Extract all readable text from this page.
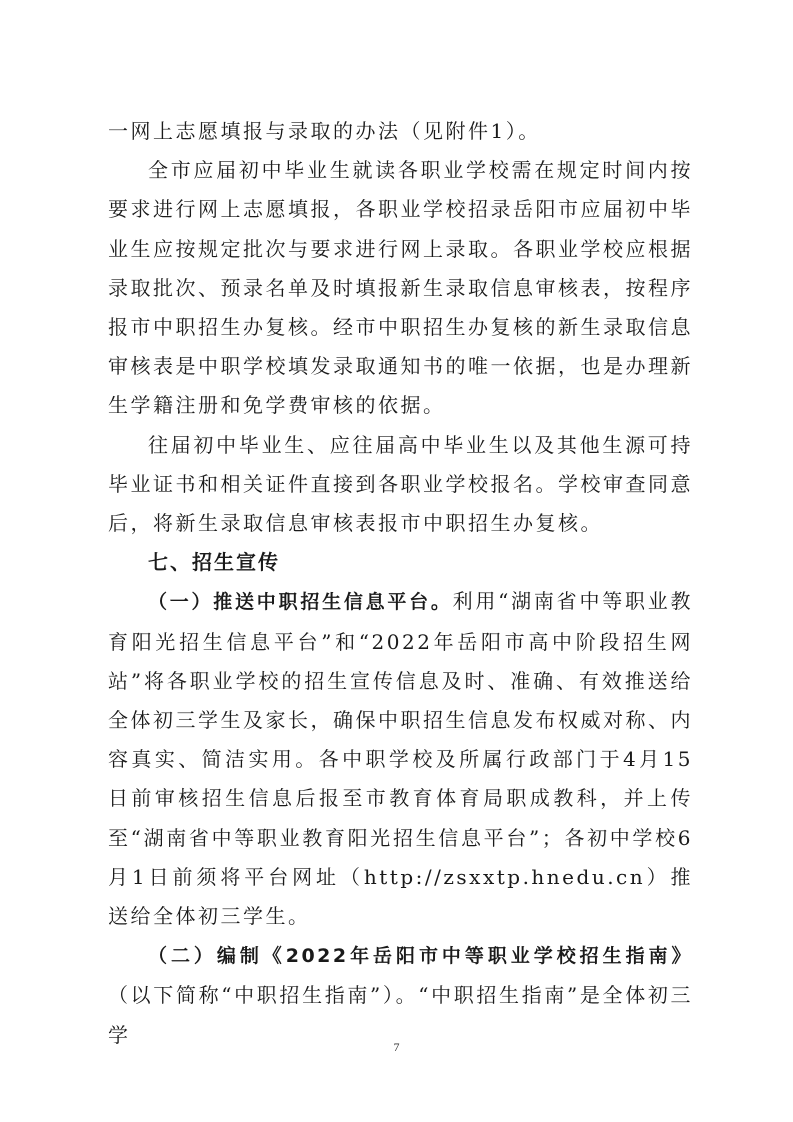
一网上志愿填报与录取的办法（见附件1）。

全市应届初中毕业生就读各职业学校需在规定时间内按要求进行网上志愿填报，各职业学校招录岳阳市应届初中毕业生应按规定批次与要求进行网上录取。各职业学校应根据录取批次、预录名单及时填报新生录取信息审核表，按程序报市中职招生办复核。经市中职招生办复核的新生录取信息审核表是中职学校填发录取通知书的唯一依据，也是办理新生学籍注册和免学费审核的依据。

往届初中毕业生、应往届高中毕业生以及其他生源可持毕业证书和相关证件直接到各职业学校报名。学校审查同意后，将新生录取信息审核表报市中职招生办复核。

七、招生宣传

（一）推送中职招生信息平台。利用“湖南省中等职业教育阳光招生信息平台”和“2022年岳阳市高中阶段招生网站”将各职业学校的招生宣传信息及时、准确、有效推送给全体初三学生及家长，确保中职招生信息发布权威对称、内容真实、简洁实用。各中职学校及所属行政部门于4月15日前审核招生信息后报至市教育体育局职成教科，并上传至“湖南省中等职业教育阳光招生信息平台”；各初中学校6月1日前须将平台网址（http://zsxxtp.hnedu.cn）推送给全体初三学生。

（二）编制《2022年岳阳市中等职业学校招生指南》（以下简称“中职招生指南”）。“中职招生指南”是全体初三学

7
